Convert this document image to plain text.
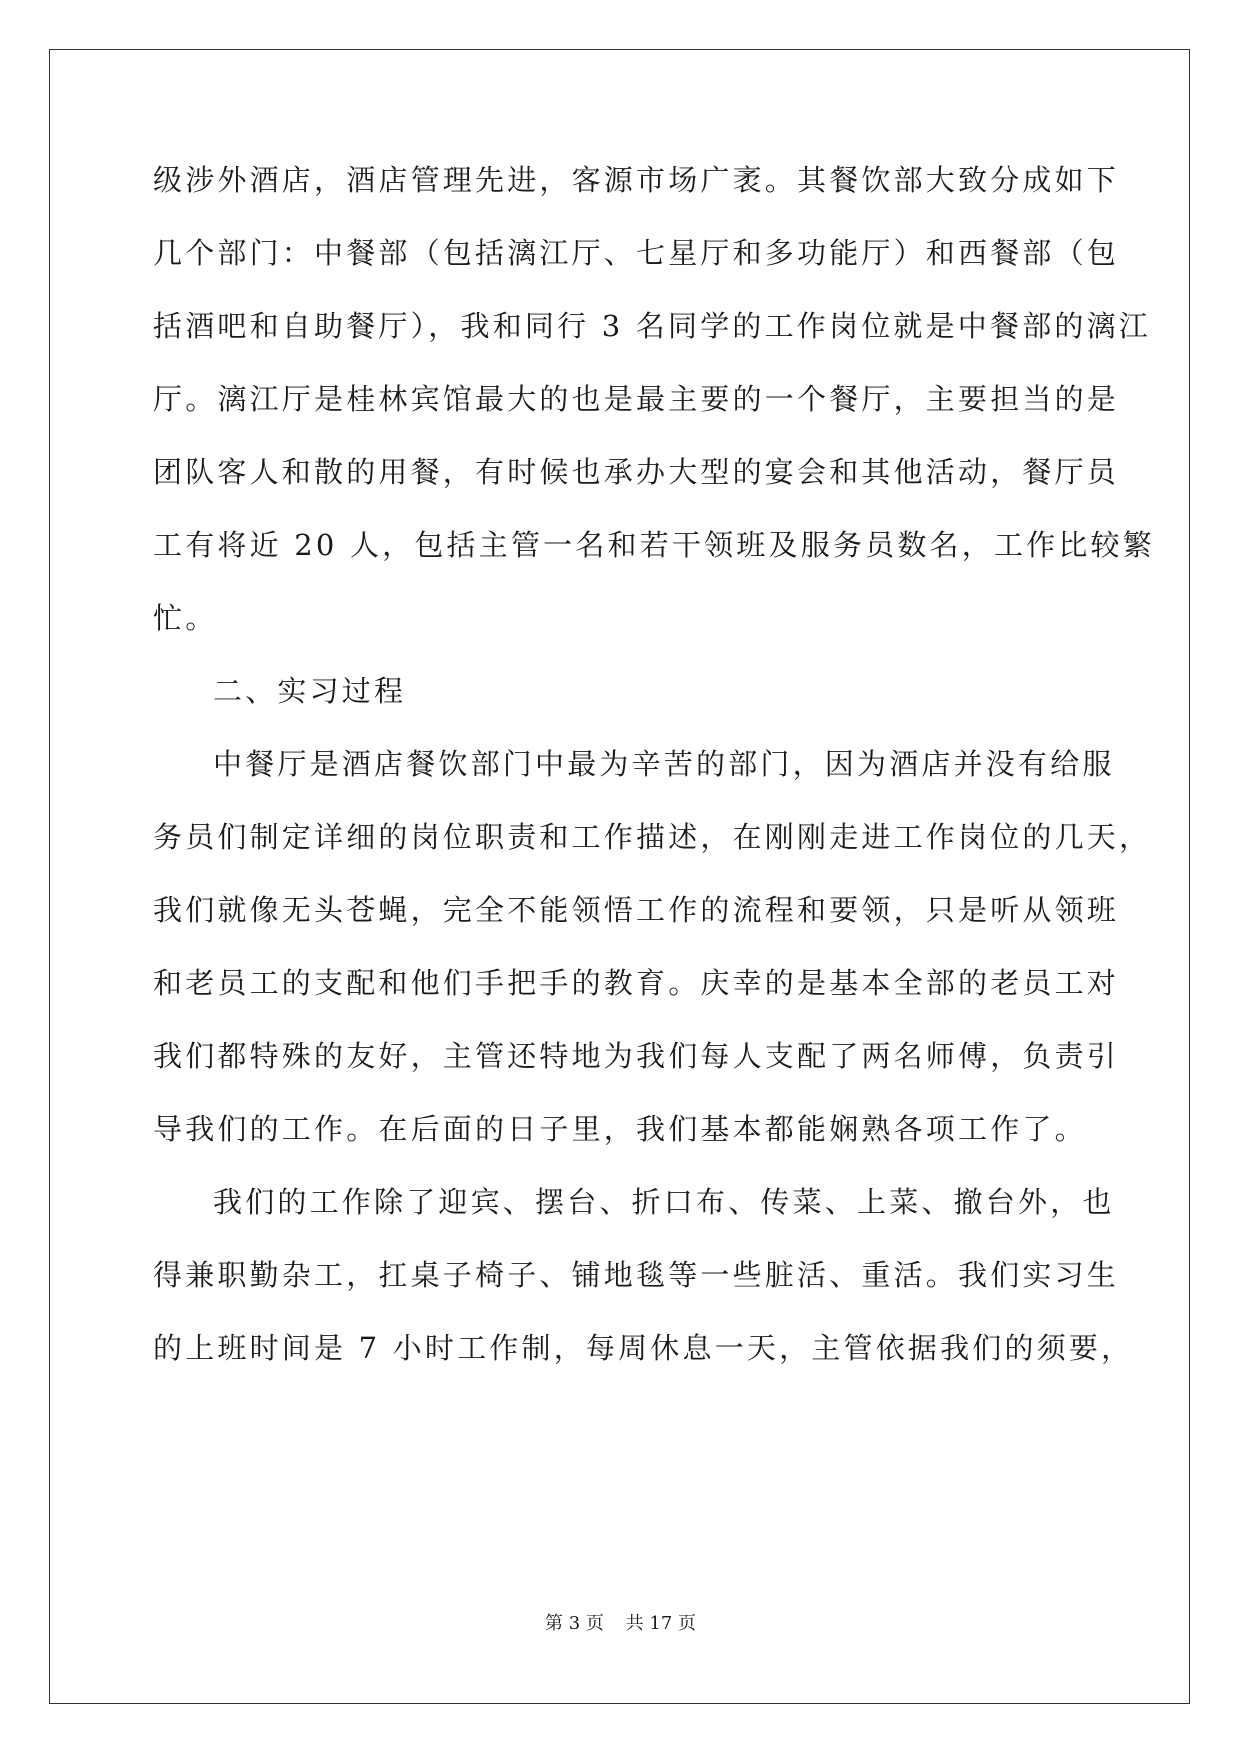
级涉外酒店，酒店管理先进，客源市场广袤。其餐饮部大致分成如下
几个部门：中餐部（包括漓江厅、七星厅和多功能厅）和西餐部（包
括酒吧和自助餐厅），我和同行 3 名同学的工作岗位就是中餐部的漓江
厅。漓江厅是桂林宾馆最大的也是最主要的一个餐厅，主要担当的是
团队客人和散的用餐，有时候也承办大型的宴会和其他活动，餐厅员
工有将近 20 人，包括主管一名和若干领班及服务员数名，工作比较繁
忙。
二、实习过程
中餐厅是酒店餐饮部门中最为辛苦的部门，因为酒店并没有给服
务员们制定详细的岗位职责和工作描述，在刚刚走进工作岗位的几天，
我们就像无头苍蝇，完全不能领悟工作的流程和要领，只是听从领班
和老员工的支配和他们手把手的教育。庆幸的是基本全部的老员工对
我们都特殊的友好，主管还特地为我们每人支配了两名师傅，负责引
导我们的工作。在后面的日子里，我们基本都能娴熟各项工作了。
我们的工作除了迎宾、摆台、折口布、传菜、上菜、撤台外，也
得兼职勤杂工，扛桌子椅子、铺地毯等一些脏活、重活。我们实习生
的上班时间是 7 小时工作制，每周休息一天，主管依据我们的须要，
第 3 页 共 17 页
